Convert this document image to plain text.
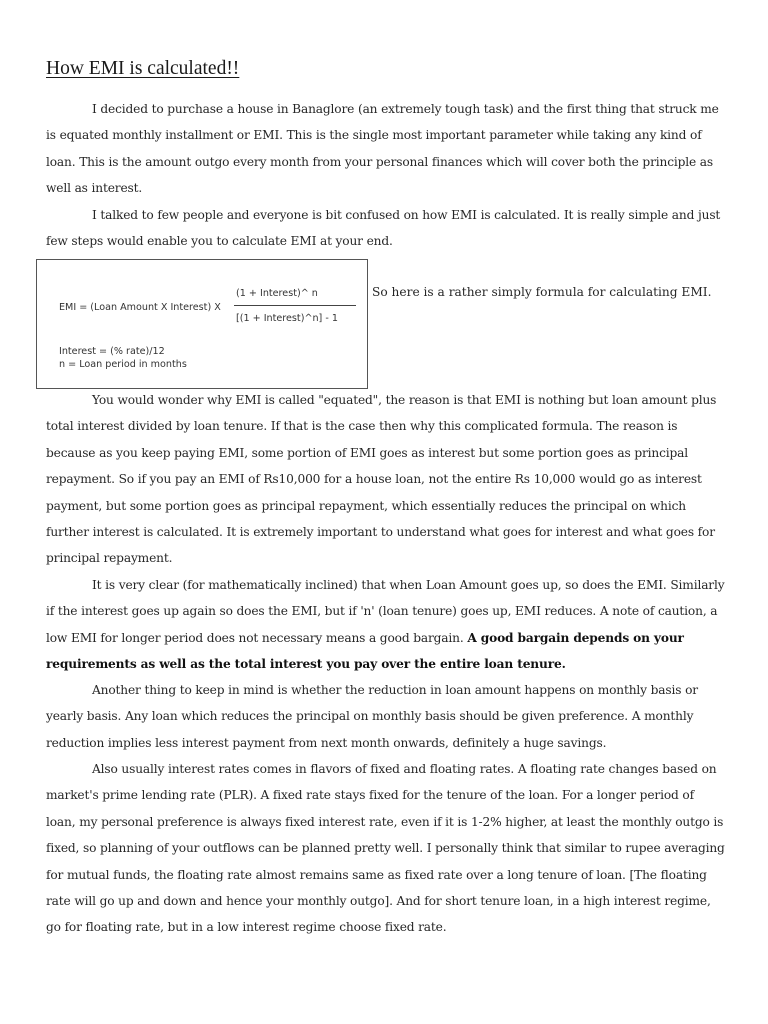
How EMI is calculated!!

I decided to purchase a house in Banaglore (an extremely tough task) and the first thing that struck me is equated monthly installment or EMI. This is the single most important parameter while taking any kind of loan. This is the amount outgo every month from your personal finances which will cover both the principle as well as interest.

I talked to few people and everyone is bit confused on how EMI is calculated. It is really simple and just few steps would enable you to calculate EMI at your end.

EMI = (Loan Amount X Interest) X
(1 + Interest)^ n
[(1 + Interest)^n] - 1
Interest = (% rate)/12
n = Loan period in months

So here is a rather simply formula for calculating EMI.

You would wonder why EMI is called "equated", the reason is that EMI is nothing but loan amount plus total interest divided by loan tenure. If that is the case then why this complicated formula. The reason is because as you keep paying EMI, some portion of EMI goes as interest but some portion goes as principal repayment. So if you pay an EMI of Rs10,000 for a house loan, not the entire Rs 10,000 would go as interest payment, but some portion goes as principal repayment, which essentially reduces the principal on which further interest is calculated. It is extremely important to understand what goes for interest and what goes for principal repayment.

It is very clear (for mathematically inclined) that when Loan Amount goes up, so does the EMI. Similarly if the interest goes up again so does the EMI, but if 'n' (loan tenure) goes up, EMI reduces. A note of caution, a low EMI for longer period does not necessary means a good bargain. A good bargain depends on your requirements as well as the total interest you pay over the entire loan tenure.

Another thing to keep in mind is whether the reduction in loan amount happens on monthly basis or yearly basis. Any loan which reduces the principal on monthly basis should be given preference. A monthly reduction implies less interest payment from next month onwards, definitely a huge savings.

Also usually interest rates comes in flavors of fixed and floating rates. A floating rate changes based on market's prime lending rate (PLR). A fixed rate stays fixed for the tenure of the loan. For a longer period of loan, my personal preference is always fixed interest rate, even if it is 1-2% higher, at least the monthly outgo is fixed, so planning of your outflows can be planned pretty well. I personally think that similar to rupee averaging for mutual funds, the floating rate almost remains same as fixed rate over a long tenure of loan. [The floating rate will go up and down and hence your monthly outgo]. And for short tenure loan, in a high interest regime, go for floating rate, but in a low interest regime choose fixed rate.
